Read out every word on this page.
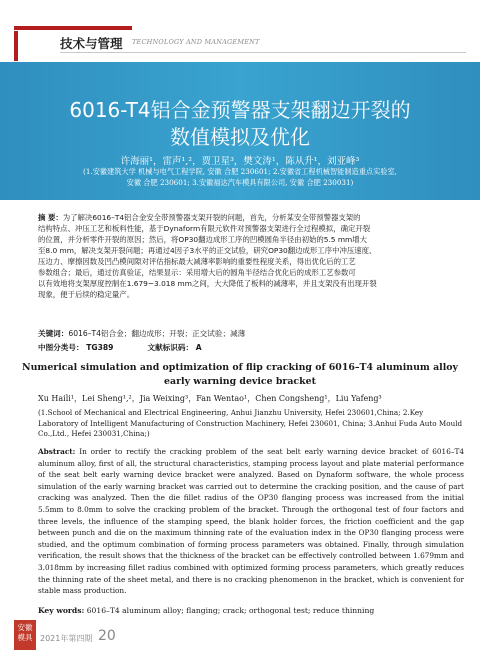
技术与管理 TECHNOLOGY AND MANAGEMENT
6016-T4铝合金预警器支架翻边开裂的
数值模拟及优化
许海丽¹，雷声¹,²，贾卫星³，樊文涛¹，陈从升¹，刘亚峰³
(1.安徽建筑大学 机械与电气工程学院, 安徽 合肥 230601; 2.安徽省工程机械智能制造重点实验室,
安徽 合肥 230601; 3.安徽福达汽车模具有限公司, 安徽 合肥 230031)
摘 要：为了解决6016–T4铝合金安全带预警器支架开裂的问题，首先，分析某安全带预警器支架的
结构特点、冲压工艺和板料性能，基于Dynaform有限元软件对预警器支架进行全过程模拟，确定开裂
的位置，并分析零件开裂的原因；然后，将OP30翻边成形工序的凹模圆角半径由初始的5.5 mm增大
至8.0 mm，解决支架开裂问题；再通过4因子3水平的正交试验，研究OP30翻边成形工序中冲压速度、
压边力、摩擦因数及凹凸模间隙对评估指标最大减薄率影响的重要性程度关系，得出优化后的工艺
参数组合；最后，通过仿真验证，结果显示：采用增大后的圆角半径结合优化后的成形工艺参数可
以有效地将支架厚度控制在1.679~3.018 mm之间，大大降低了板料的减薄率，并且支架没有出现开裂
现象，便于后续的稳定量产。
关键词：6016–T4铝合金；翻边成形；开裂；正交试验；减薄
中图分类号： TG389	文献标识码： A
Numerical simulation and optimization of flip cracking of 6016–T4 aluminum alloy
early warning device bracket
Xu Haili¹，Lei Sheng¹,²，Jia Weixing³，Fan Wentao¹，Chen Congsheng¹，Liu Yafeng³
(1.School of Mechanical and Electrical Engineering, Anhui Jianzhu University, Hefei 230601,China; 2.Key Laboratory of Intelligent Manufacturing of Construction Machinery, Hefei 230601, China; 3.Anhui Fuda Auto Mould Co.,Ltd., Hefei 230031,China;)
Abstract: In order to rectify the cracking problem of the seat belt early warning device bracket of 6016–T4 aluminum alloy, first of all, the structural characteristics, stamping process layout and plate material performance of the seat belt early warning device bracket were analyzed. Based on Dynaform software, the whole process simulation of the early warning bracket was carried out to determine the cracking position, and the cause of part cracking was analyzed. Then the die fillet radius of the OP30 flanging process was increased from the initial 5.5mm to 8.0mm to solve the cracking problem of the bracket. Through the orthogonal test of four factors and three levels, the influence of the stamping speed, the blank holder forces, the friction coefficient and the gap between punch and die on the maximum thinning rate of the evaluation index in the OP30 flanging process were studied, and the optimum combination of forming process parameters was obtained. Finally, through simulation verification, the result shows that the thickness of the bracket can be effectively controlled between 1.679mm and 3.018mm by increasing fillet radius combined with optimized forming process parameters, which greatly reduces the thinning rate of the sheet metal, and there is no cracking phenomenon in the bracket, which is convenient for stable mass production.
Key words: 6016–T4 aluminum alloy; flanging; crack; orthogonal test; reduce thinning
安徽 模具 2021年第四期 20
